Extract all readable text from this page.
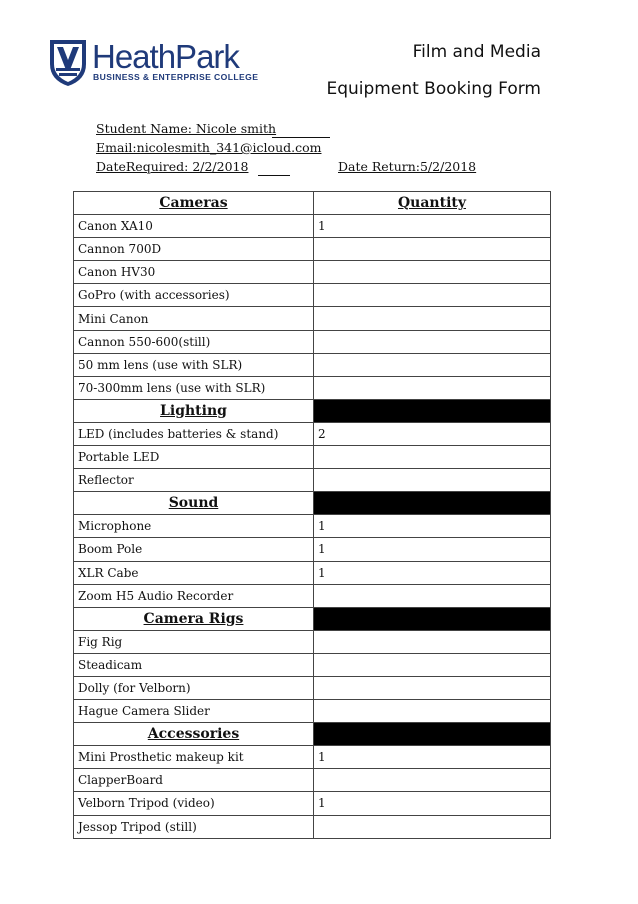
HeathPark
BUSINESS & ENTERPRISE COLLEGE
Film and Media
Equipment Booking Form
Student Name: Nicole smith
Email:nicolesmith_341@icloud.com
DateRequired: 2/2/2018	Date Return:5/2/2018
Cameras	Quantity
Canon XA10	1
Cannon 700D	
Canon HV30	
GoPro (with accessories)	
Mini Canon	
Cannon 550-600(still)	
50 mm lens (use with SLR)	
70-300mm lens (use with SLR)	
Lighting	
LED (includes batteries & stand)	2
Portable LED	
Reflector	
Sound	
Microphone	1
Boom Pole	1
XLR Cabe	1
Zoom H5 Audio Recorder	
Camera Rigs	
Fig Rig	
Steadicam	
Dolly (for Velborn)	
Hague Camera Slider	
Accessories	
Mini Prosthetic makeup kit	1
ClapperBoard	
Velborn Tripod (video)	1
Jessop Tripod (still)	
